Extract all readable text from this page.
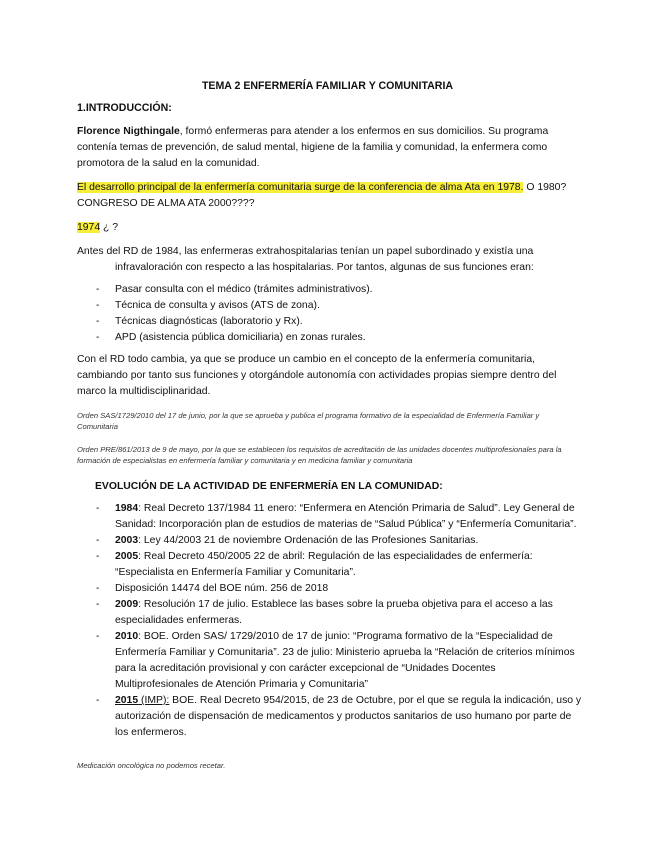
TEMA 2 ENFERMERÍA FAMILIAR Y COMUNITARIA
1.INTRODUCCIÓN:
Florence Nigthingale, formó enfermeras para atender a los enfermos en sus domicilios. Su programa contenía temas de prevención, de salud mental, higiene de la familia y comunidad, la enfermera como promotora de la salud en la comunidad.
El desarrollo principal de la enfermería comunitaria surge de la conferencia de alma Ata en 1978. O 1980?       CONGRESO DE ALMA ATA 2000????
1974 ¿ ?
Antes del RD de 1984, las enfermeras extrahospitalarias tenían un papel subordinado y existía una
infravaloración con respecto a las hospitalarias. Por tantos, algunas de sus funciones eran:
- Pasar consulta con el médico (trámites administrativos).
- Técnica de consulta y avisos (ATS de zona).
- Técnicas diagnósticas (laboratorio y Rx).
- APD (asistencia pública domiciliaria) en zonas rurales.
Con el RD todo cambia, ya que se produce un cambio en el concepto de la enfermería comunitaria, cambiando por tanto sus funciones y otorgándole autonomía con actividades propias siempre dentro del marco la multidisciplinaridad.
Orden SAS/1729/2010 del 17 de junio, por la que se aprueba y publica el programa formativo de la especialidad de Enfermería Familiar y Comunitaria
Orden PRE/861/2013 de 9 de mayo, por la que se establecen los requisitos de acreditación de las unidades docentes multiprofesionales para la formación de especialistas en enfermería familiar y comunitaria y en medicina familiar y comunitaria
EVOLUCIÓN DE LA ACTIVIDAD DE ENFERMERÍA EN LA COMUNIDAD:
- 1984: Real Decreto 137/1984 11 enero: “Enfermera en Atención Primaria de Salud”. Ley General de Sanidad: Incorporación plan de estudios de materias de “Salud Pública” y “Enfermería Comunitaria”.
- 2003: Ley 44/2003 21 de noviembre Ordenación de las Profesiones Sanitarias.
- 2005: Real Decreto 450/2005 22 de abril: Regulación de las especialidades de enfermería: “Especialista en Enfermería Familiar y Comunitaria”.
- Disposición 14474 del BOE núm. 256 de 2018
- 2009: Resolución 17 de julio. Establece las bases sobre la prueba objetiva para el acceso a las especialidades enfermeras.
- 2010: BOE. Orden SAS/ 1729/2010 de 17 de junio: “Programa formativo de la “Especialidad de Enfermería Familiar y Comunitaria”. 23 de julio: Ministerio aprueba la “Relación de criterios mínimos para la acreditación provisional y con carácter excepcional de “Unidades Docentes Multiprofesionales de Atención Primaria y Comunitaria”
- 2015 (IMP): BOE. Real Decreto 954/2015, de 23 de Octubre, por el que se regula la indicación, uso y autorización de dispensación de medicamentos y productos sanitarios de uso humano por parte de los enfermeros.
Medicación oncológica no podemos recetar.
